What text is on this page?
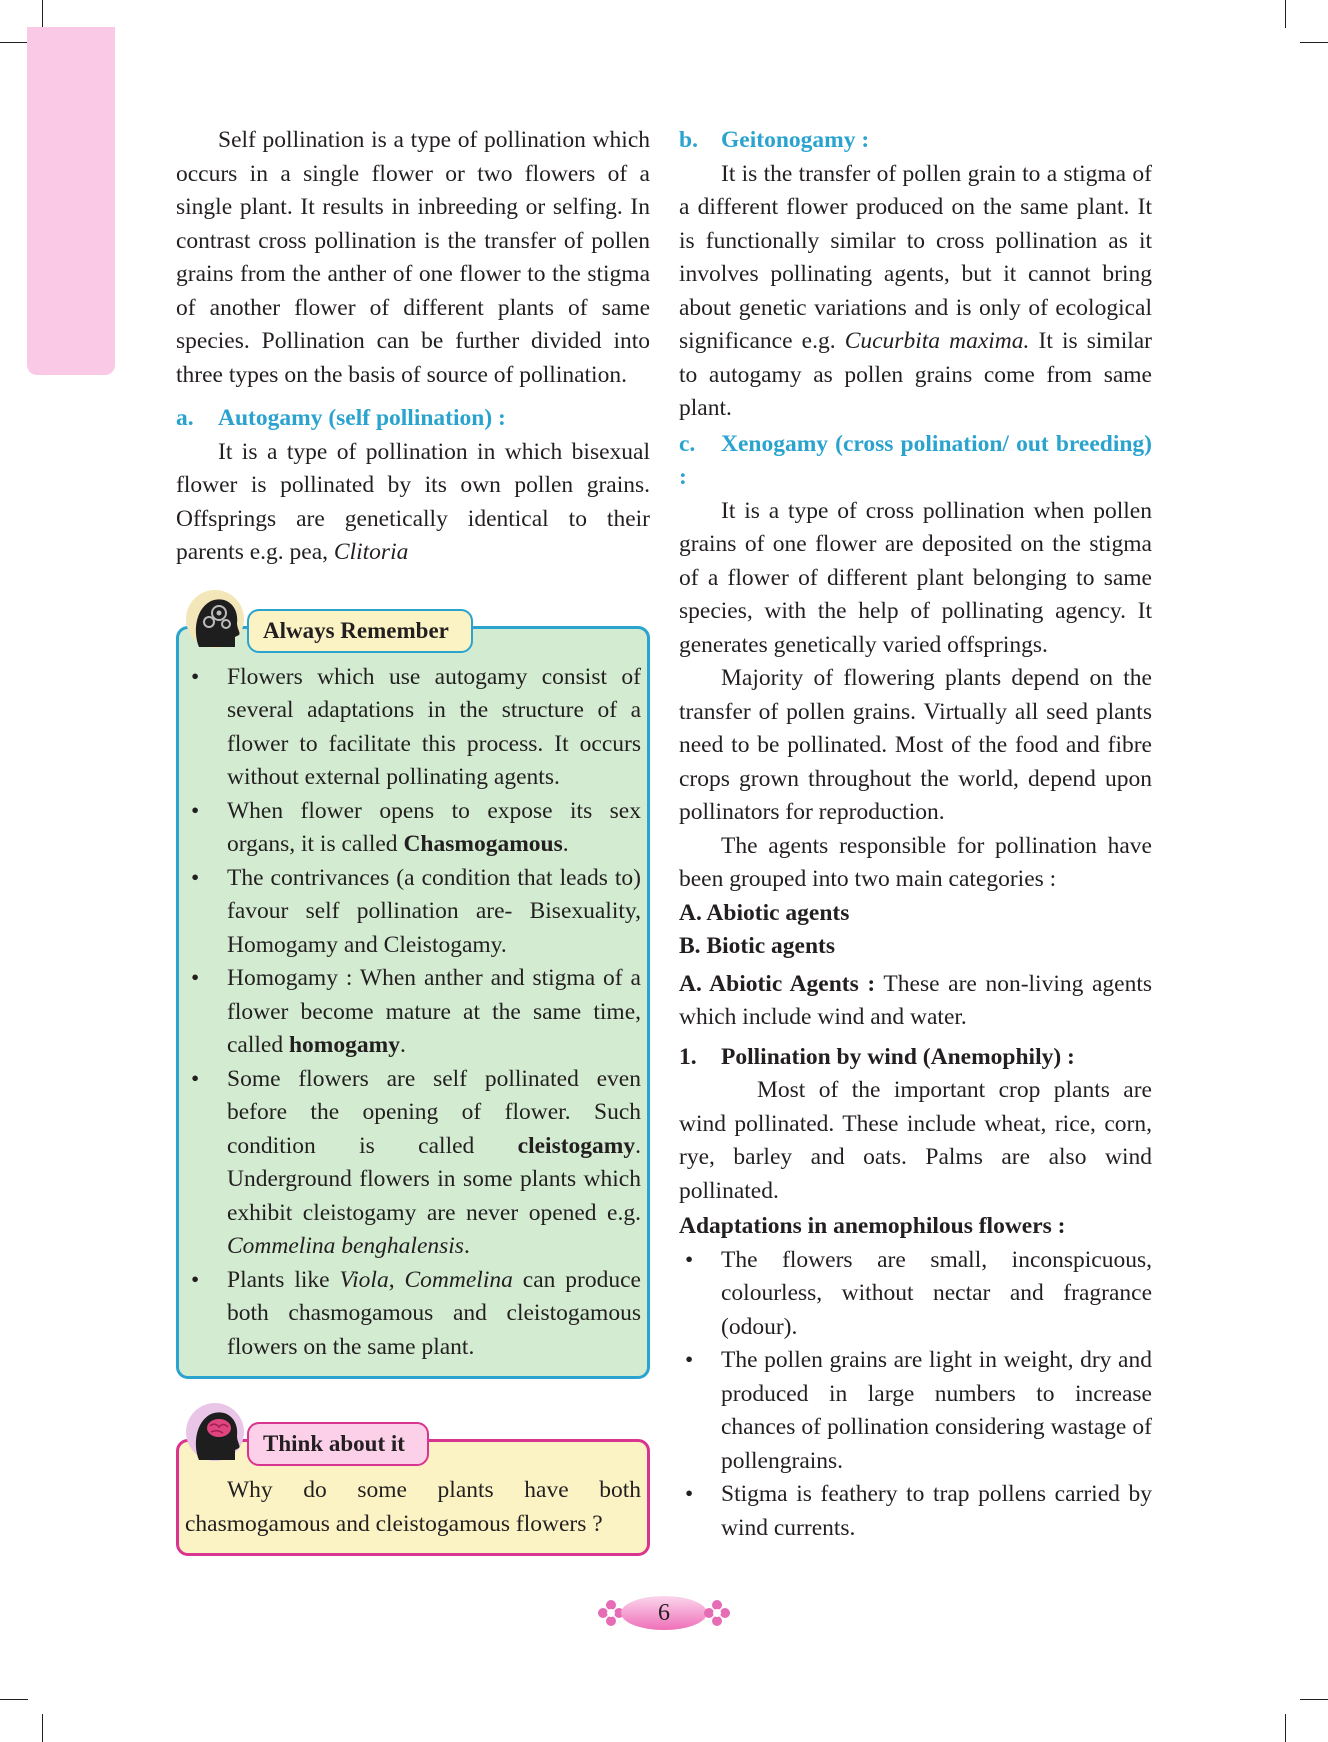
Self pollination is a type of pollination which occurs in a single flower or two flowers of a single plant. It results in inbreeding or selfing. In contrast cross pollination is the transfer of pollen grains from the anther of one flower to the stigma of another flower of different plants of same species. Pollination can be further divided into three types on the basis of source of pollination.

a. Autogamy (self pollination) :

It is a type of pollination in which bisexual flower is pollinated by its own pollen grains. Offsprings are genetically identical to their parents e.g. pea, Clitoria

Always Remember
• Flowers which use autogamy consist of several adaptations in the structure of a flower to facilitate this process. It occurs without external pollinating agents.
• When flower opens to expose its sex organs, it is called Chasmogamous.
• The contrivances (a condition that leads to) favour self pollination are- Bisexuality, Homogamy and Cleistogamy.
• Homogamy : When anther and stigma of a flower become mature at the same time, called homogamy.
• Some flowers are self pollinated even before the opening of flower. Such condition is called cleistogamy. Underground flowers in some plants which exhibit cleistogamy are never opened e.g. Commelina benghalensis.
• Plants like Viola, Commelina can produce both chasmogamous and cleistogamous flowers on the same plant.
Think about it

Why do some plants have both chasmogamous and cleistogamous flowers ?

b. Geitonogamy :

It is the transfer of pollen grain to a stigma of a different flower produced on the same plant. It is functionally similar to cross pollination as it involves pollinating agents, but it cannot bring about genetic variations and is only of ecological significance e.g. Cucurbita maxima. It is similar to autogamy as pollen grains come from same plant.

c. Xenogamy (cross polination/ out breeding) :

It is a type of cross pollination when pollen grains of one flower are deposited on the stigma of a flower of different plant belonging to same species, with the help of pollinating agency. It generates genetically varied offsprings.

Majority of flowering plants depend on the transfer of pollen grains. Virtually all seed plants need to be pollinated. Most of the food and fibre crops grown throughout the world, depend upon pollinators for reproduction.

The agents responsible for pollination have been grouped into two main categories :

A. Abiotic agents

B. Biotic agents

A. Abiotic Agents : These are non-living agents which include wind and water.

1. Pollination by wind (Anemophily) :

Most of the important crop plants are wind pollinated. These include wheat, rice, corn, rye, barley and oats. Palms are also wind pollinated.

Adaptations in anemophilous flowers :

• The flowers are small, inconspicuous, colourless, without nectar and fragrance (odour).
• The pollen grains are light in weight, dry and produced in large numbers to increase chances of pollination considering wastage of pollengrains.
• Stigma is feathery to trap pollens carried by wind currents.
6
